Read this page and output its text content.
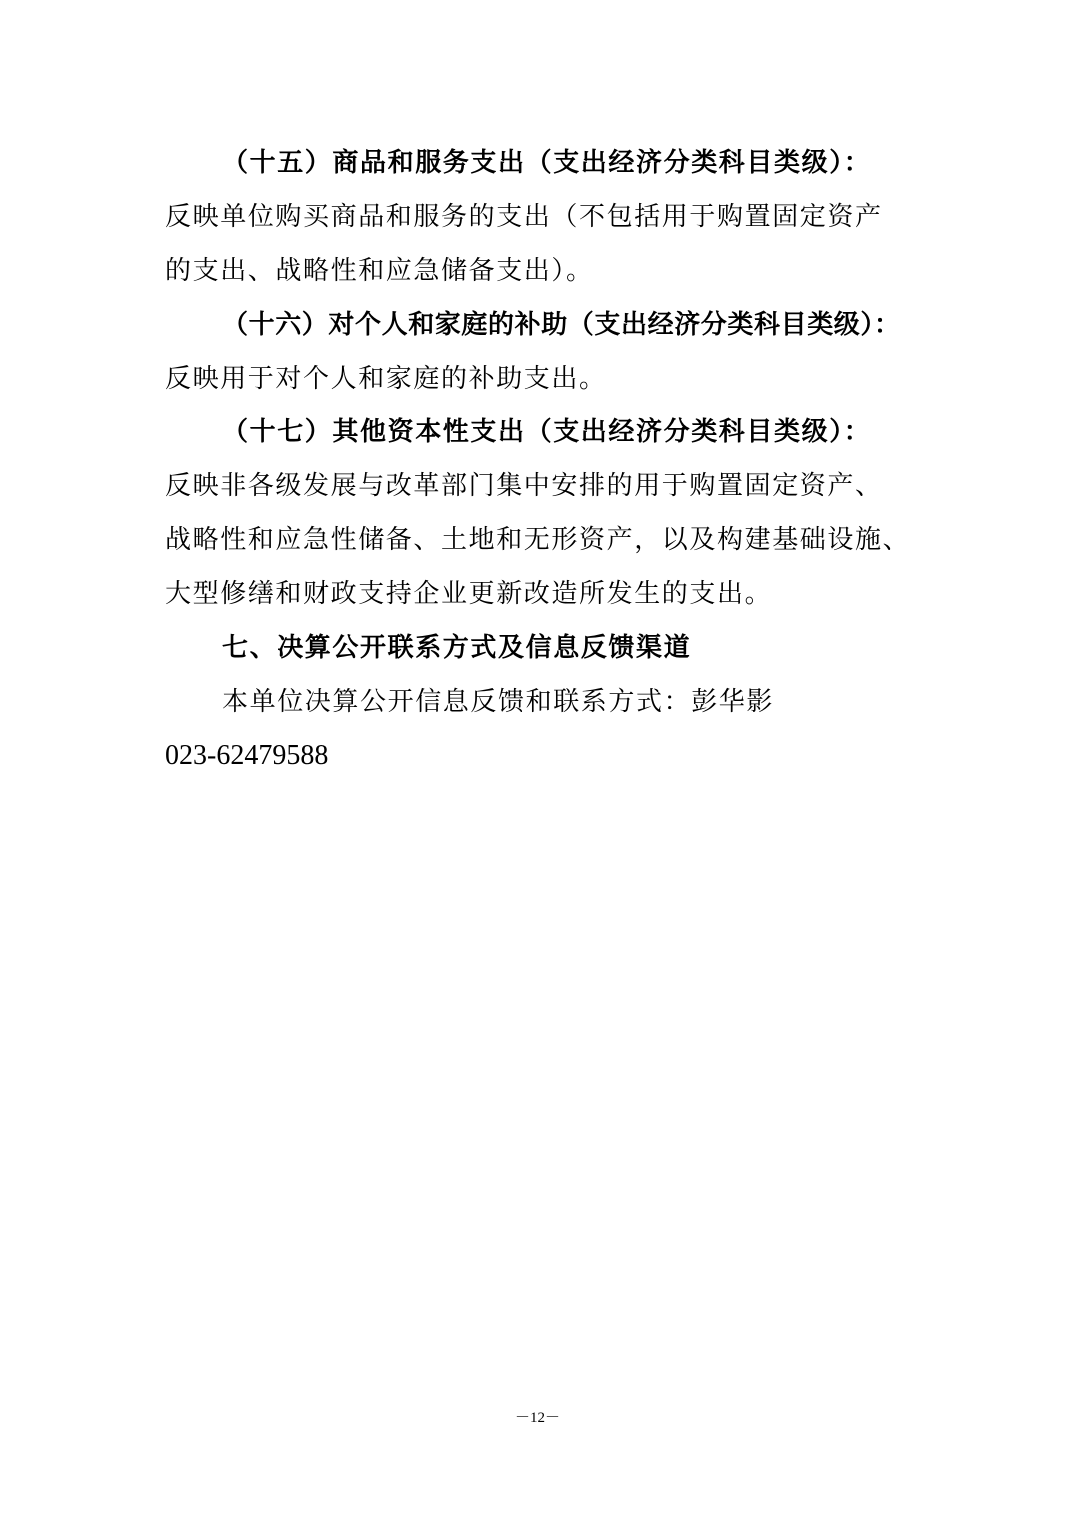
（十五）商品和服务支出（支出经济分类科目类级）：
反映单位购买商品和服务的支出（不包括用于购置固定资产
的支出、战略性和应急储备支出）。
（十六）对个人和家庭的补助（支出经济分类科目类级）：
反映用于对个人和家庭的补助支出。
（十七）其他资本性支出（支出经济分类科目类级）：
反映非各级发展与改革部门集中安排的用于购置固定资产、
战略性和应急性储备、土地和无形资产，以及构建基础设施、
大型修缮和财政支持企业更新改造所发生的支出。
七、决算公开联系方式及信息反馈渠道
本单位决算公开信息反馈和联系方式：彭华影
023-62479588
－12－
